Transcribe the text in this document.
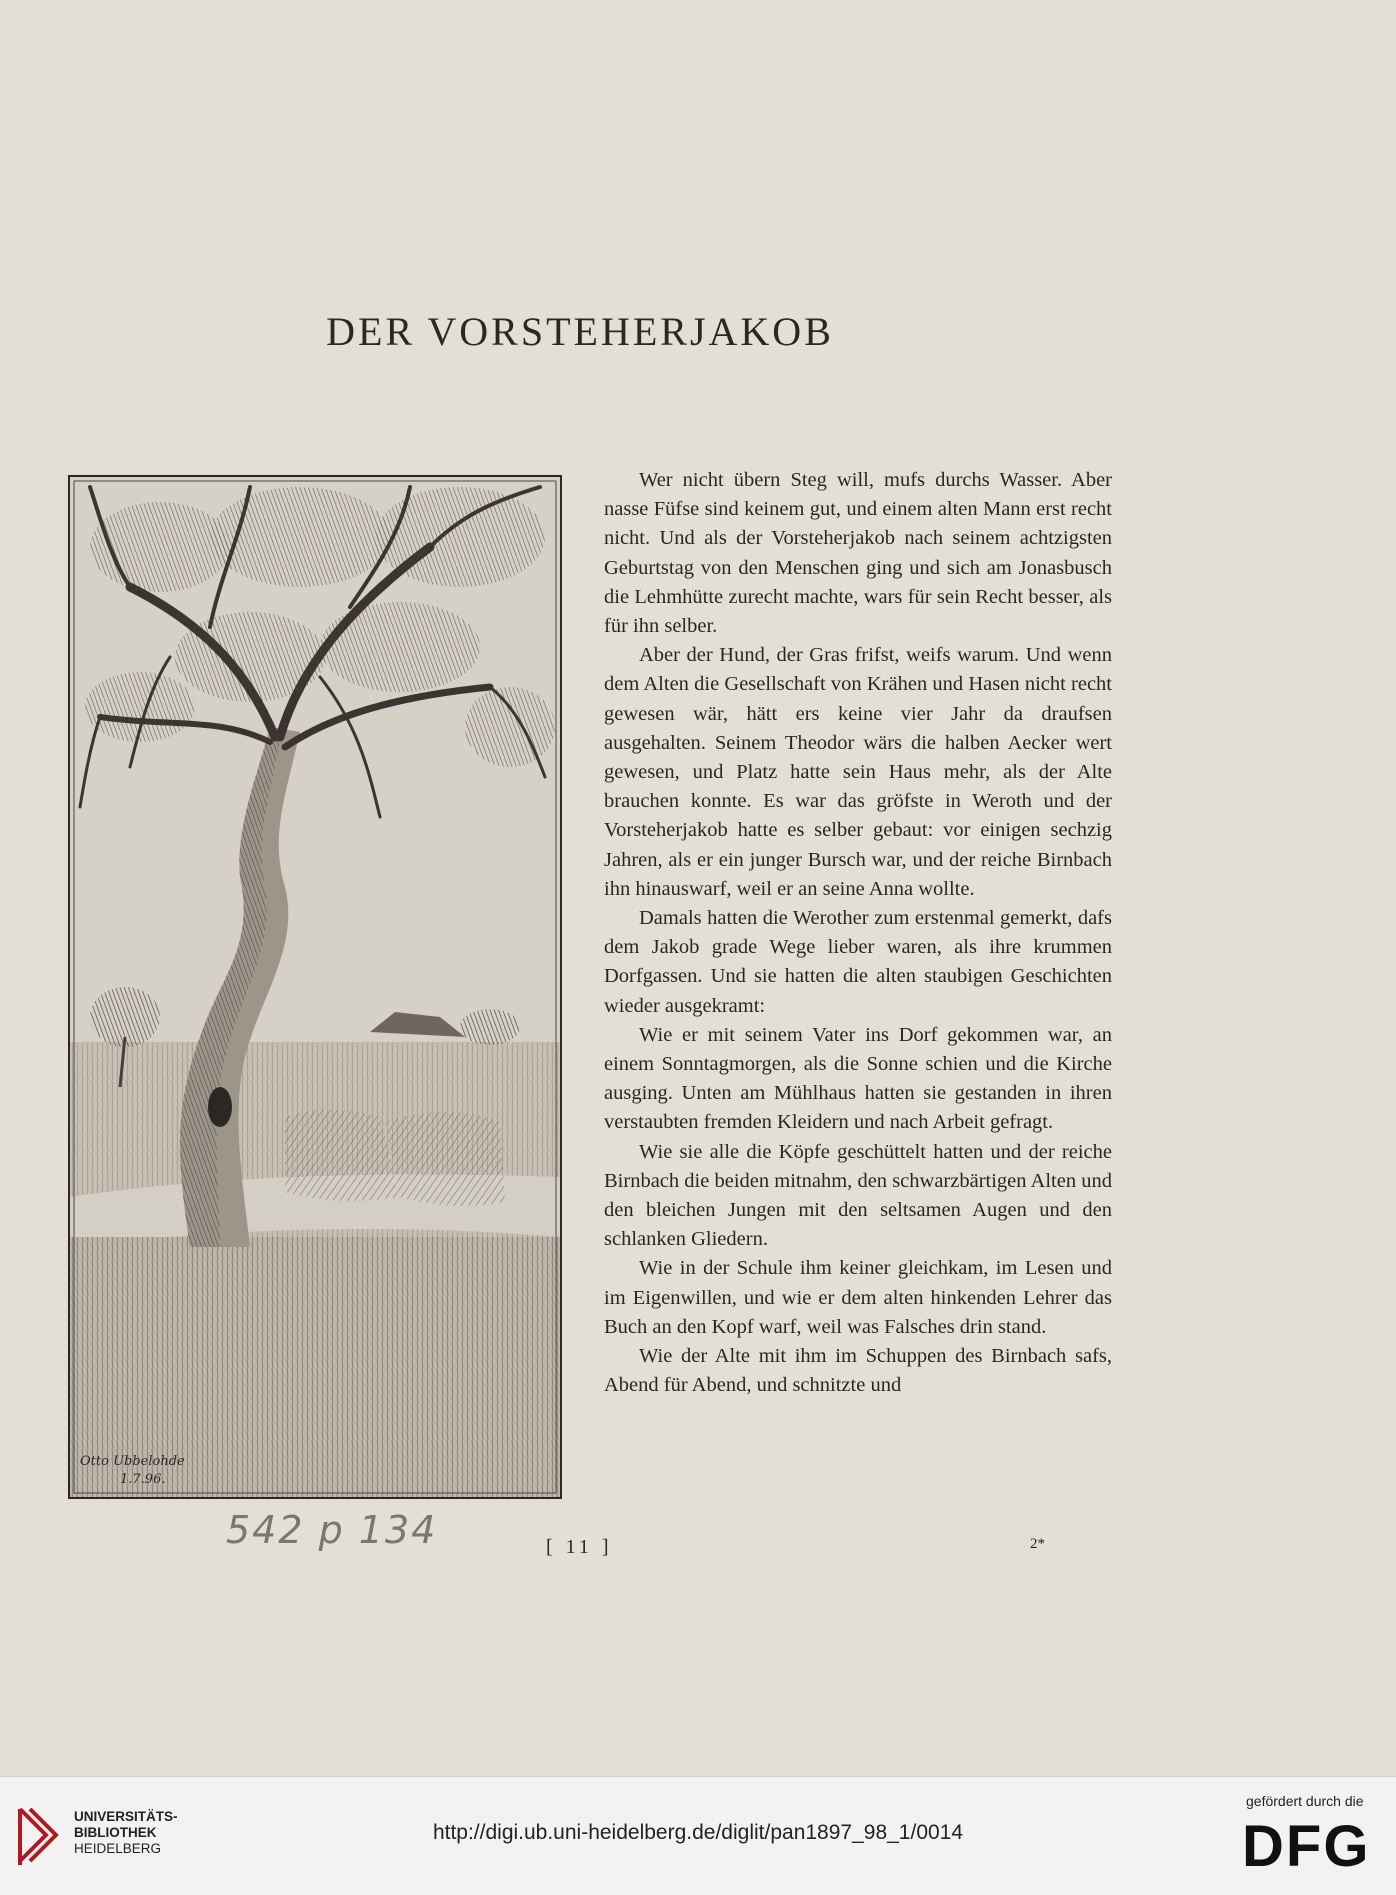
DER VORSTEHERJAKOB
Otto Ubbelohde
1.7.96.

Wer nicht übern Steg will, mufs durchs Wasser. Aber nasse Füfse sind keinem gut, und einem alten Mann erst recht nicht. Und als der Vorsteherjakob nach seinem achtzigsten Geburtstag von den Menschen ging und sich am Jonasbusch die Lehmhütte zurecht machte, wars für sein Recht besser, als für ihn selber.

Aber der Hund, der Gras frifst, weifs warum. Und wenn dem Alten die Gesellschaft von Krähen und Hasen nicht recht gewesen wär, hätt ers keine vier Jahr da draufsen ausgehalten. Seinem Theodor wärs die halben Aecker wert gewesen, und Platz hatte sein Haus mehr, als der Alte brauchen konnte. Es war das gröfste in Weroth und der Vorsteherjakob hatte es selber gebaut: vor einigen sechzig Jahren, als er ein junger Bursch war, und der reiche Birnbach ihn hinauswarf, weil er an seine Anna wollte.

Damals hatten die Werother zum erstenmal gemerkt, dafs dem Jakob grade Wege lieber waren, als ihre krummen Dorfgassen. Und sie hatten die alten staubigen Geschichten wieder ausgekramt:

Wie er mit seinem Vater ins Dorf gekommen war, an einem Sonntagmorgen, als die Sonne schien und die Kirche ausging. Unten am Mühlhaus hatten sie gestanden in ihren verstaubten fremden Kleidern und nach Arbeit gefragt.

Wie sie alle die Köpfe geschüttelt hatten und der reiche Birnbach die beiden mitnahm, den schwarzbärtigen Alten und den bleichen Jungen mit den seltsamen Augen und den schlanken Gliedern.

Wie in der Schule ihm keiner gleichkam, im Lesen und im Eigenwillen, und wie er dem alten hinkenden Lehrer das Buch an den Kopf warf, weil was Falsches drin stand.

Wie der Alte mit ihm im Schuppen des Birnbach safs, Abend für Abend, und schnitzte und

542 p 134	[ 11 ]	2*
UNIVERSITÄTS-
BIBLIOTHEK
HEIDELBERG
http://digi.ub.uni-heidelberg.de/diglit/pan1897_98_1/0014
gefördert durch die
DFG
